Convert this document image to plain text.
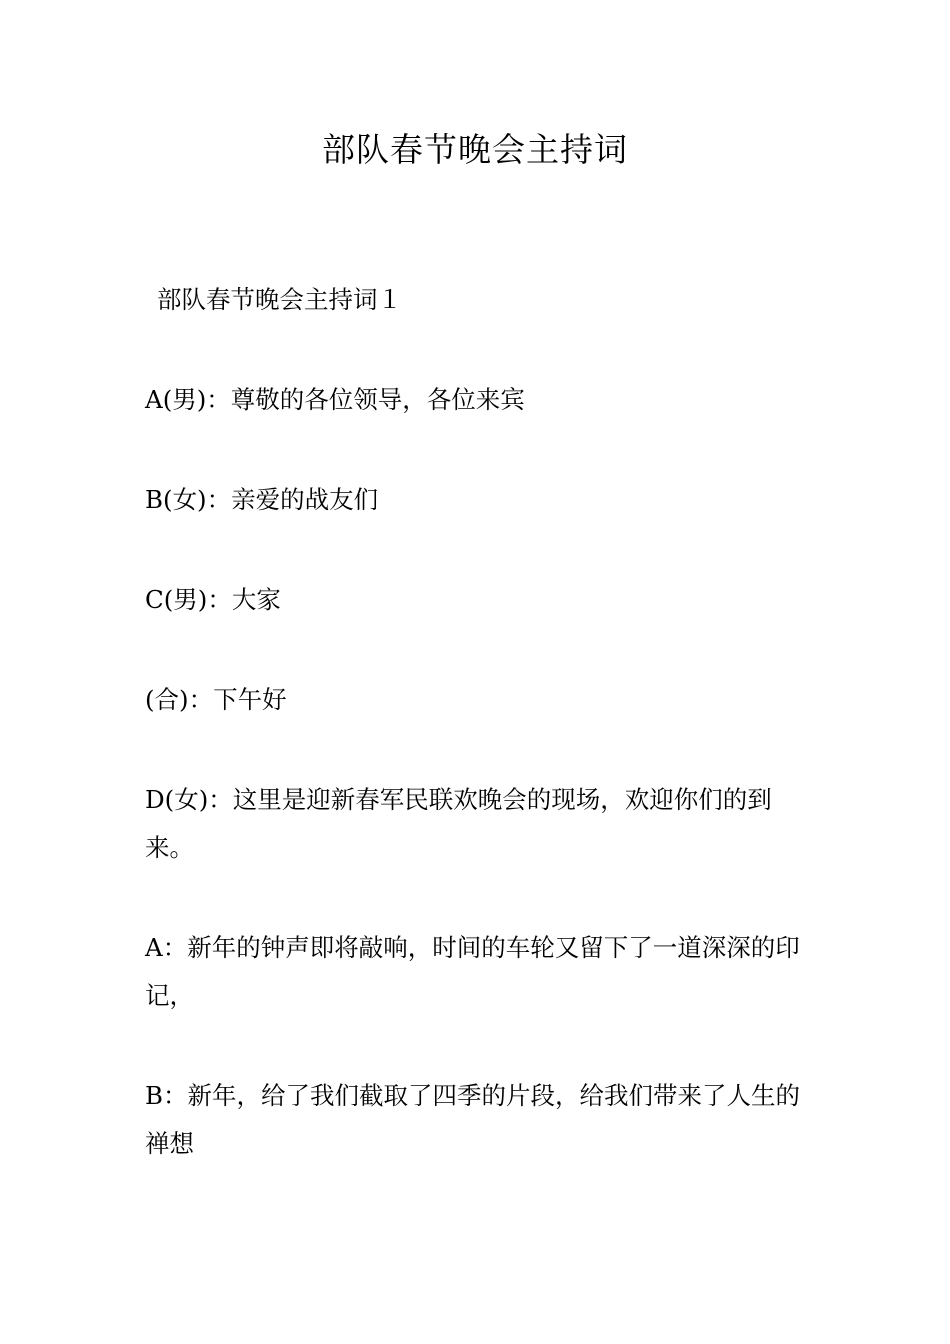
部队春节晚会主持词

部队春节晚会主持词１

A(男)：尊敬的各位领导，各位来宾

B(女)：亲爱的战友们

C(男)：大家

(合)：下午好

D(女)：这里是迎新春军民联欢晚会的现场，欢迎你们的到来。

A：新年的钟声即将敲响，时间的车轮又留下了一道深深的印记，

B：新年，给了我们截取了四季的片段，给我们带来了人生的禅想
